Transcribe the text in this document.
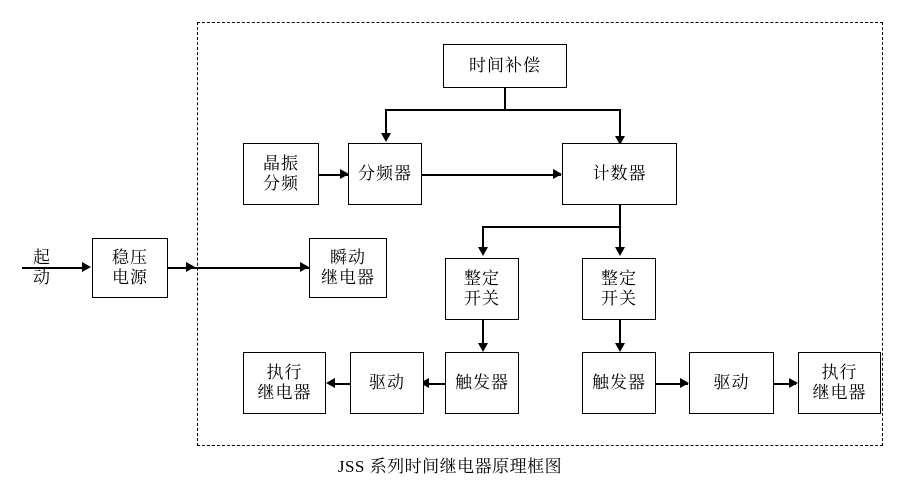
起
动
稳压
电源
瞬动
继电器
时间补偿
晶振
分频
分频器	计数器
整定
开关
整定
开关
触发器
驱动
执行
继电器
触发器	驱动
执行
继电器
JSS 系列时间继电器原理框图
